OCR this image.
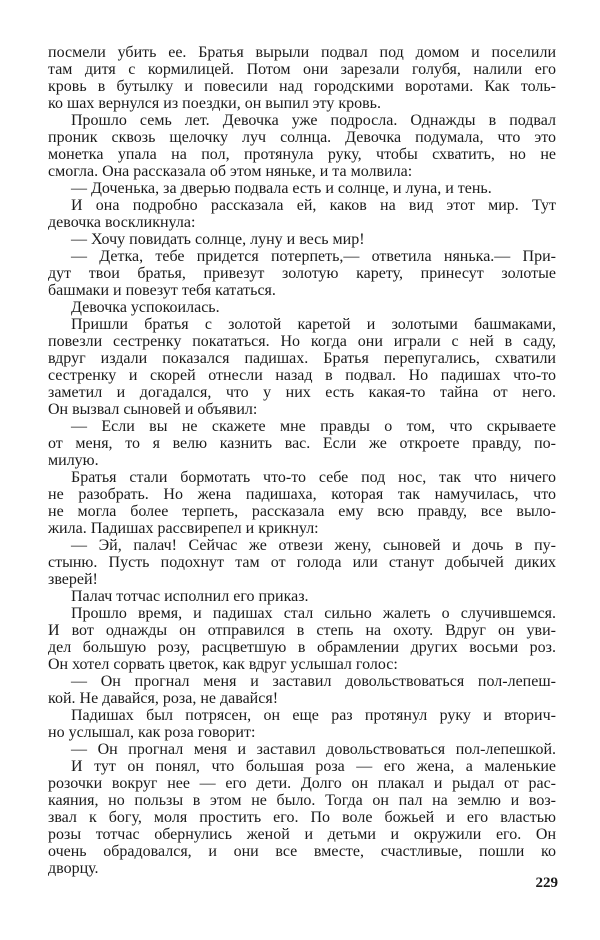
посмели убить ее. Братья вырыли подвал под домом и поселили
там дитя с кормилицей. Потом они зарезали голубя, налили его
кровь в бутылку и повесили над городскими воротами. Как толь-
ко шах вернулся из поездки, он выпил эту кровь.
Прошло семь лет. Девочка уже подросла. Однажды в подвал
проник сквозь щелочку луч солнца. Девочка подумала, что это
монетка упала на пол, протянула руку, чтобы схватить, но не
смогла. Она рассказала об этом няньке, и та молвила:
— Доченька, за дверью подвала есть и солнце, и луна, и тень.
И она подробно рассказала ей, каков на вид этот мир. Тут
девочка воскликнула:
— Хочу повидать солнце, луну и весь мир!
— Детка, тебе придется потерпеть,— ответила нянька.— При-
дут твои братья, привезут золотую карету, принесут золотые
башмаки и повезут тебя кататься.
Девочка успокоилась.
Пришли братья с золотой каретой и золотыми башмаками,
повезли сестренку покататься. Но когда они играли с ней в саду,
вдруг издали показался падишах. Братья перепугались, схватили
сестренку и скорей отнесли назад в подвал. Но падишах что-то
заметил и догадался, что у них есть какая-то тайна от него.
Он вызвал сыновей и объявил:
— Если вы не скажете мне правды о том, что скрываете
от меня, то я велю казнить вас. Если же откроете правду, по-
милую.
Братья стали бормотать что-то себе под нос, так что ничего
не разобрать. Но жена падишаха, которая так намучилась, что
не могла более терпеть, рассказала ему всю правду, все выло-
жила. Падишах рассвирепел и крикнул:
— Эй, палач! Сейчас же отвези жену, сыновей и дочь в пу-
стыню. Пусть подохнут там от голода или станут добычей диких
зверей!
Палач тотчас исполнил его приказ.
Прошло время, и падишах стал сильно жалеть о случившемся.
И вот однажды он отправился в степь на охоту. Вдруг он уви-
дел большую розу, расцветшую в обрамлении других восьми роз.
Он хотел сорвать цветок, как вдруг услышал голос:
— Он прогнал меня и заставил довольствоваться пол-лепеш-
кой. Не давайся, роза, не давайся!
Падишах был потрясен, он еще раз протянул руку и вторич-
но услышал, как роза говорит:
— Он прогнал меня и заставил довольствоваться пол-лепешкой.
И тут он понял, что большая роза — его жена, а маленькие
розочки вокруг нее — его дети. Долго он плакал и рыдал от рас-
каяния, но пользы в этом не было. Тогда он пал на землю и воз-
звал к богу, моля простить его. По воле божьей и его властью
розы тотчас обернулись женой и детьми и окружили его. Он
очень обрадовался, и они все вместе, счастливые, пошли ко
дворцу.
229
